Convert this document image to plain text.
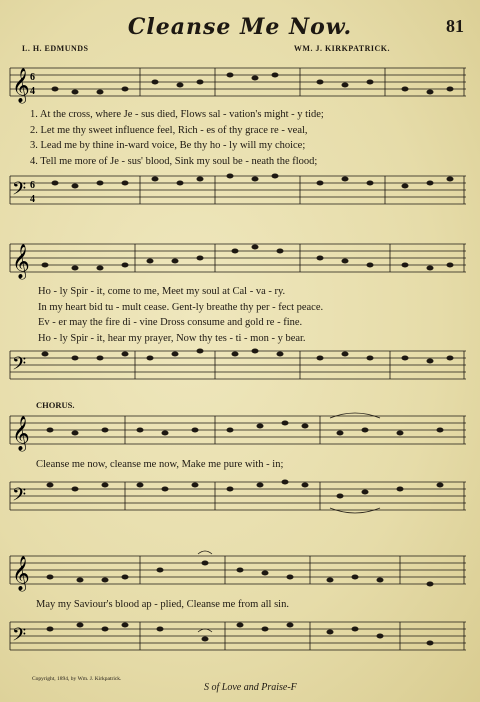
Cleanse Me Now.	81
L. H. EDMUNDS	WM. J. KIRKPATRICK.
𝄞 6
4
1. At the cross, where Je - sus died, Flows sal - vation's might - y tide;
2. Let me thy sweet influence feel, Rich - es of thy grace re - veal,
3. Lead me by thine in-ward voice, Be thy ho - ly will my choice;
4. Tell me more of Je - sus' blood, Sink my soul be - neath the flood;
𝄢 6
4
𝄞
Ho - ly Spir - it, come to me, Meet my soul at Cal - va - ry.
In my heart bid tu - mult cease. Gent-ly breathe thy per - fect peace.
Ev - er may the fire di - vine Dross consume and gold re - fine.
Ho - ly Spir - it, hear my prayer, Now thy tes - ti - mon - y bear.
𝄢
CHORUS.
𝄞
Cleanse me now, cleanse me now, Make me pure with - in;
𝄢
𝄞
May my Saviour's blood ap - plied, Cleanse me from all sin.
𝄢
Copyright, 1894, by Wm. J. Kirkpatrick.
S of Love and Praise-F
